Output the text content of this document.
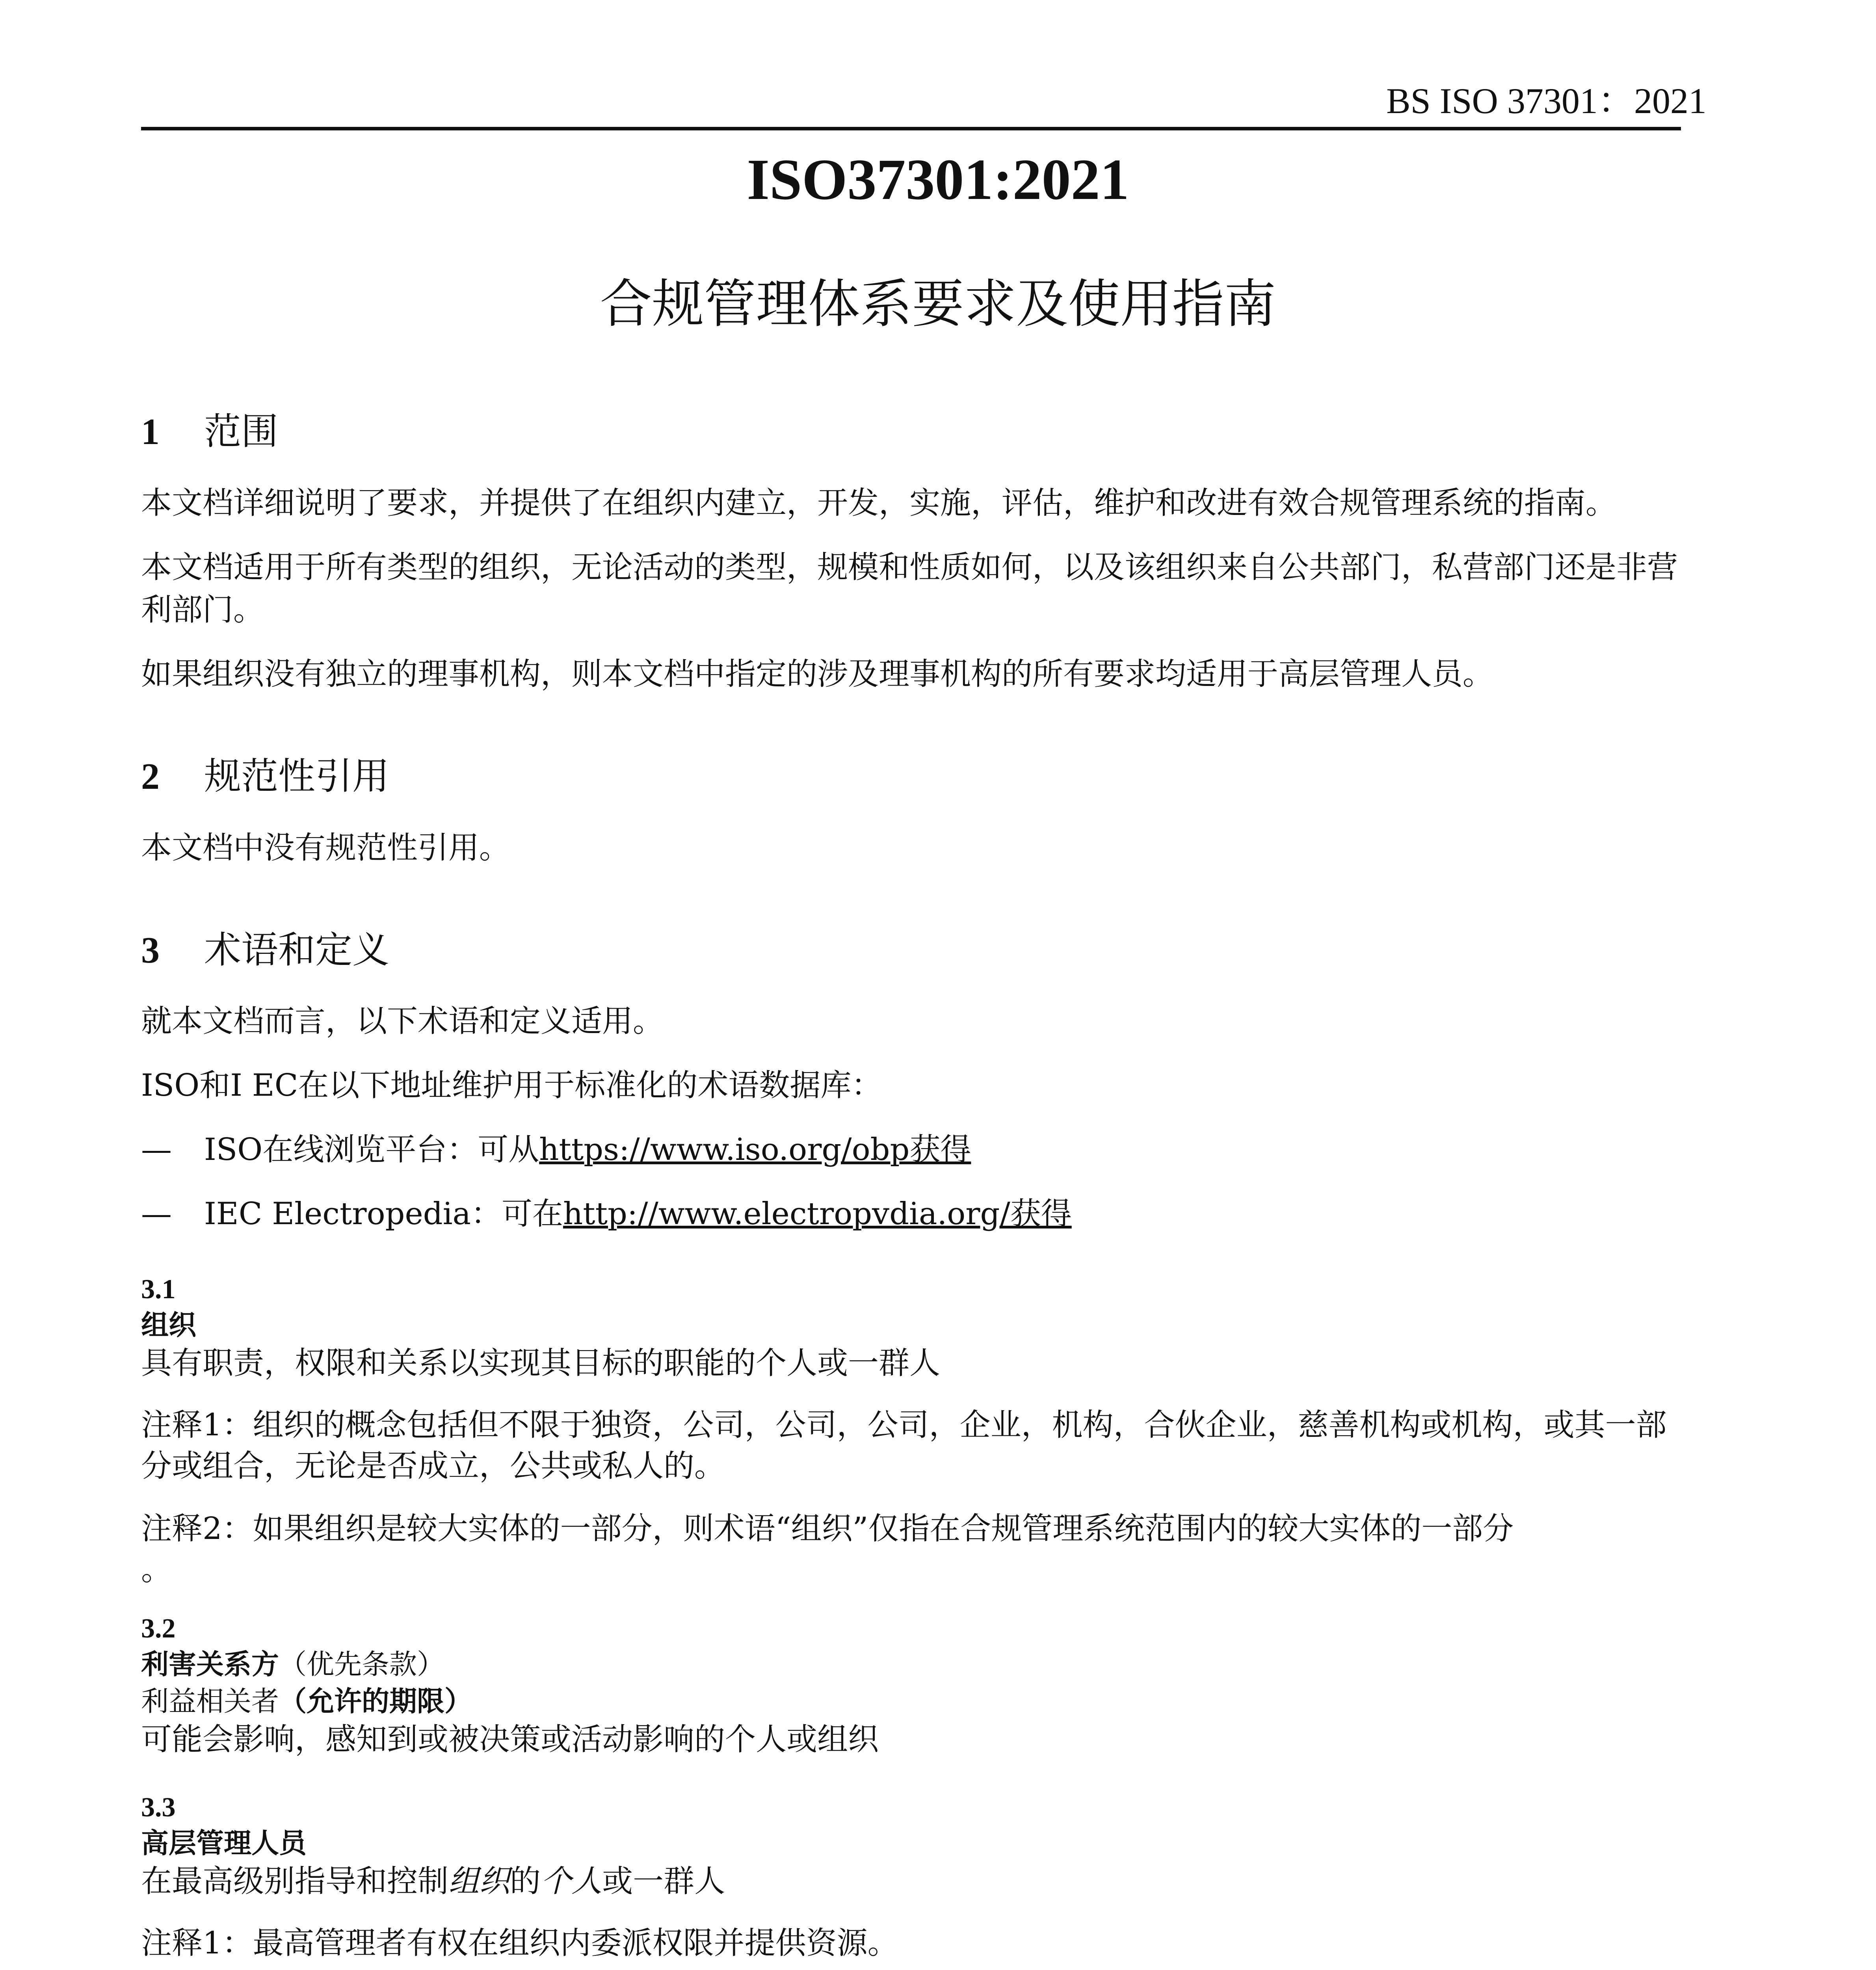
BS ISO 37301：2021
ISO37301:2021
合规管理体系要求及使用指南
1 范围

本文档详细说明了要求，并提供了在组织内建立，开发，实施，评估，维护和改进有效合规管理系统的指南。

本文档适用于所有类型的组织，无论活动的类型，规模和性质如何，以及该组织来自公共部门，私营部门还是非营利部门。

如果组织没有独立的理事机构，则本文档中指定的涉及理事机构的所有要求均适用于高层管理人员。

2 规范性引用

本文档中没有规范性引用。

3 术语和定义

就本文档而言，以下术语和定义适用。

ISO和I EC在以下地址维护用于标准化的术语数据库：

— ISO在线浏览平台：可从https://www.iso.org/obp获得
— IEC Electropedia：可在http://www.electropvdia.org/获得

3.1

组织

具有职责，权限和关系以实现其目标的职能的个人或一群人

注释1：组织的概念包括但不限于独资，公司，公司，公司，企业，机构，合伙企业，慈善机构或机构，或其一部分或组合，无论是否成立，公共或私人的。

注释2：如果组织是较大实体的一部分，则术语“组织”仅指在合规管理系统范围内的较大实体的一部分
。

3.2

利害关系方（优先条款）

利益相关者（允许的期限）

可能会影响，感知到或被决策或活动影响的个人或组织

3.3

高层管理人员

在最高级别指导和控制组织的个人或一群人

注释1：最高管理者有权在组织内委派权限并提供资源。
